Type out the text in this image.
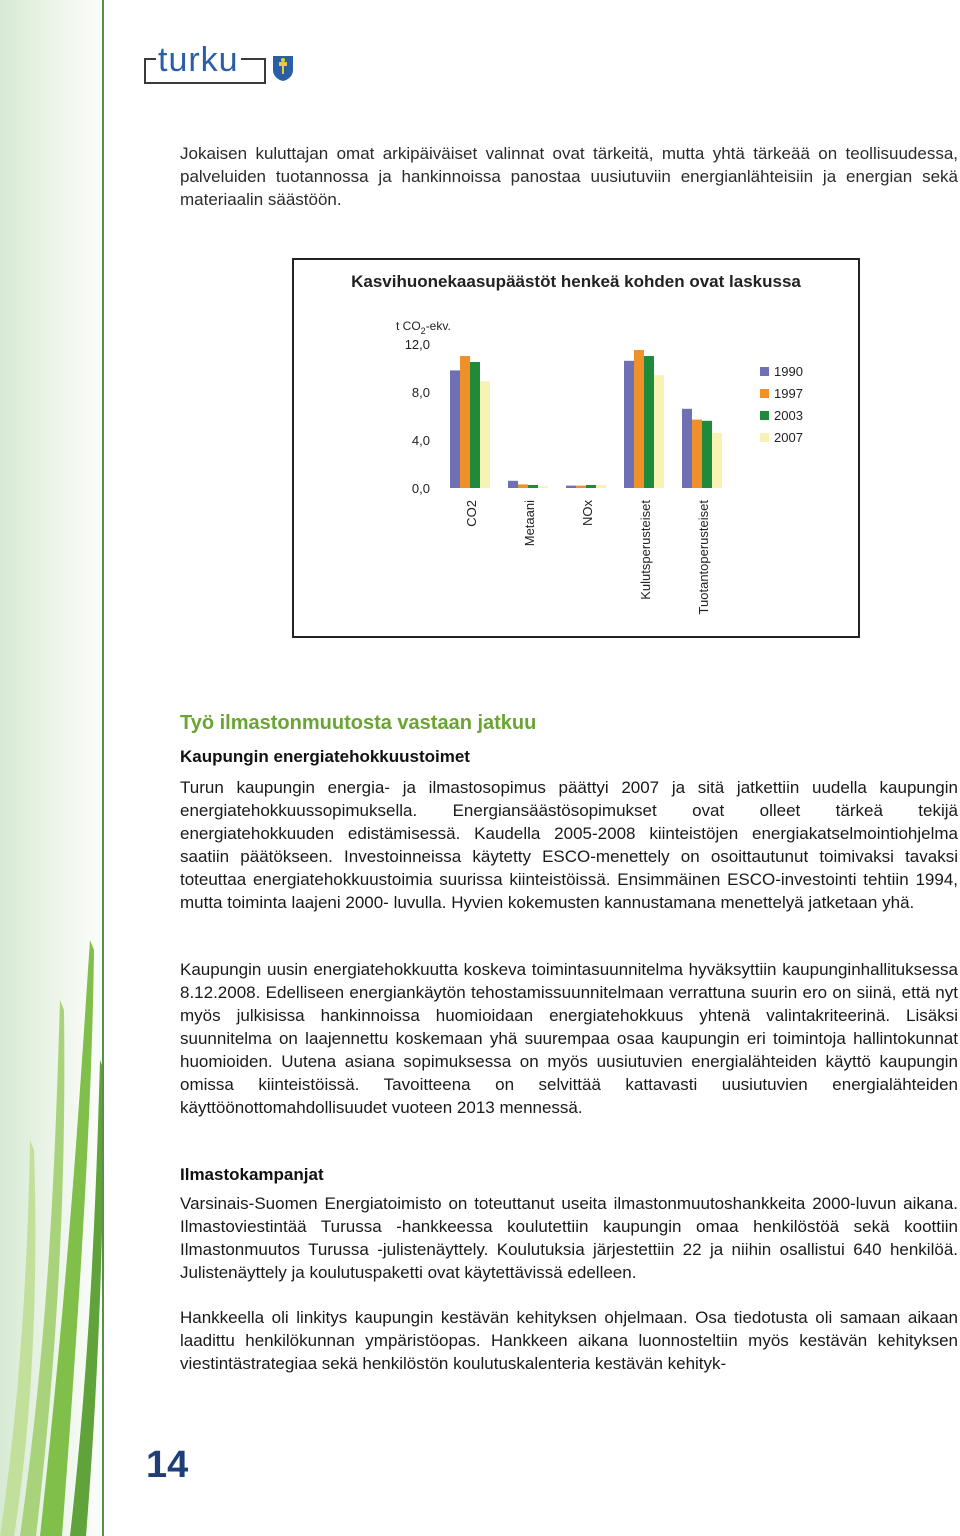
turku

Jokaisen kuluttajan omat arkipäiväiset valinnat ovat tärkeitä, mutta yhtä tärkeää on teollisuudessa, palveluiden tuotannossa ja hankinnoissa panostaa uusiutuviin energianlähteisiin ja energian sekä materiaalin säästöön.

Kasvihuonekaasupäästöt henkeä kohden ovat laskussa
t $CO_2$-ekv.
12,0
8,0
4,0
0,0
CO2	Metaani	NOx	Kulutsperusteiset	Tuotantoperusteiset
1990
1997
2003
2007
Työ ilmastonmuutosta vastaan jatkuu
Kaupungin energiatehokkuustoimet

Turun kaupungin energia- ja ilmastosopimus päättyi 2007 ja sitä jatkettiin uudella kaupungin energiatehokkuussopimuksella. Energiansäästösopimukset ovat olleet tärkeä tekijä energiatehokkuuden edistämisessä. Kaudella 2005-2008 kiinteistöjen energiakatselmointiohjelma saatiin päätökseen. Investoinneissa käytetty ESCO-menettely on osoittautunut toimivaksi tavaksi toteuttaa energiatehokkuustoimia suurissa kiinteistöissä. Ensimmäinen ESCO-investointi tehtiin 1994, mutta toiminta laajeni 2000- luvulla. Hyvien kokemusten kannustamana menettelyä jatketaan yhä.

Kaupungin uusin energiatehokkuutta koskeva toimintasuunnitelma hyväksyttiin kaupunginhallituksessa 8.12.2008. Edelliseen energiankäytön tehostamissuunnitelmaan verrattuna suurin ero on siinä, että nyt myös julkisissa hankinnoissa huomioidaan energiatehokkuus yhtenä valintakriteerinä. Lisäksi suunnitelma on laajennettu koskemaan yhä suurempaa osaa kaupungin eri toimintoja hallintokunnat huomioiden. Uutena asiana sopimuksessa on myös uusiutuvien energialähteiden käyttö kaupungin omissa kiinteistöissä. Tavoitteena on selvittää kattavasti uusiutuvien energialähteiden käyttöönottomahdollisuudet vuoteen 2013 mennessä.

Ilmastokampanjat

Varsinais-Suomen Energiatoimisto on toteuttanut useita ilmastonmuutoshankkeita 2000-luvun aikana. Ilmastoviestintää Turussa -hankkeessa koulutettiin kaupungin omaa henkilöstöä sekä koottiin Ilmastonmuutos Turussa -julistenäyttely. Koulutuksia järjestettiin 22 ja niihin osallistui 640 henkilöä. Julistenäyttely ja koulutuspaketti ovat käytettävissä edelleen.

Hankkeella oli linkitys kaupungin kestävän kehityksen ohjelmaan. Osa tiedotusta oli samaan aikaan laadittu henkilökunnan ympäristöopas. Hankkeen aikana luonnosteltiin myös kestävän kehityksen viestintästrategiaa sekä henkilöstön koulutuskalenteria kestävän kehityk-

14
